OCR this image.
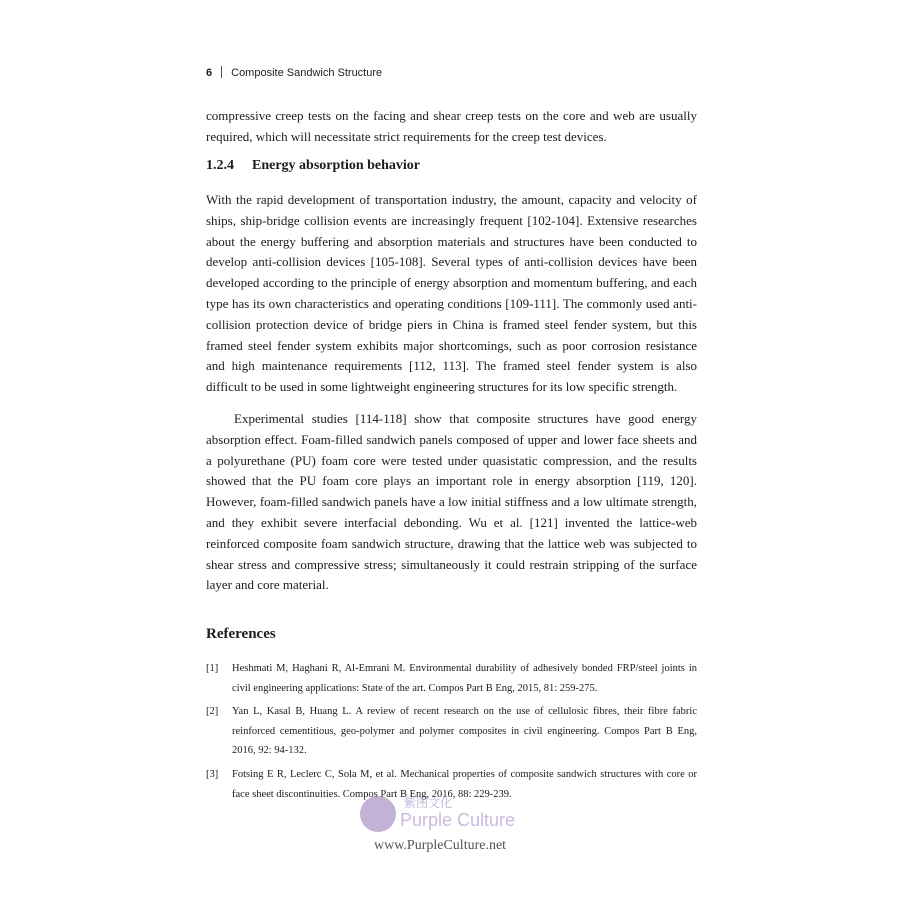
6 Composite Sandwich Structure

compressive creep tests on the facing and shear creep tests on the core and web are usually required, which will necessitate strict requirements for the creep test devices.

1.2.4 Energy absorption behavior

With the rapid development of transportation industry, the amount, capacity and velocity of ships, ship-bridge collision events are increasingly frequent [102-104]. Extensive researches about the energy buffering and absorption materials and structures have been conducted to develop anti-collision devices [105-108]. Several types of anti-collision devices have been developed according to the principle of energy absorption and momentum buffering, and each type has its own characteristics and operating conditions [109-111]. The commonly used anti-collision protection device of bridge piers in China is framed steel fender system, but this framed steel fender system exhibits major shortcomings, such as poor corrosion resistance and high maintenance requirements [112, 113]. The framed steel fender system is also difficult to be used in some lightweight engineering structures for its low specific strength.

Experimental studies [114-118] show that composite structures have good energy absorption effect. Foam-filled sandwich panels composed of upper and lower face sheets and a polyurethane (PU) foam core were tested under quasistatic compression, and the results showed that the PU foam core plays an important role in energy absorption [119, 120]. However, foam-filled sandwich panels have a low initial stiffness and a low ultimate strength, and they exhibit severe interfacial debonding. Wu et al. [121] invented the lattice-web reinforced composite foam sandwich structure, drawing that the lattice web was subjected to shear stress and compressive stress; simultaneously it could restrain stripping of the surface layer and core material.

References
[1] Heshmati M, Haghani R, Al-Emrani M. Environmental durability of adhesively bonded FRP/steel joints in civil engineering applications: State of the art. Compos Part B Eng, 2015, 81: 259-275.
[2] Yan L, Kasal B, Huang L. A review of recent research on the use of cellulosic fibres, their fibre fabric reinforced cementitious, geo-polymer and polymer composites in civil engineering. Compos Part B Eng, 2016, 92: 94-132.
[3] Fotsing E R, Leclerc C, Sola M, et al. Mechanical properties of composite sandwich structures with core or face sheet discontinuities. Compos Part B Eng, 2016, 88: 229-239.
紫图文化
Purple Culture
www.PurpleCulture.net
